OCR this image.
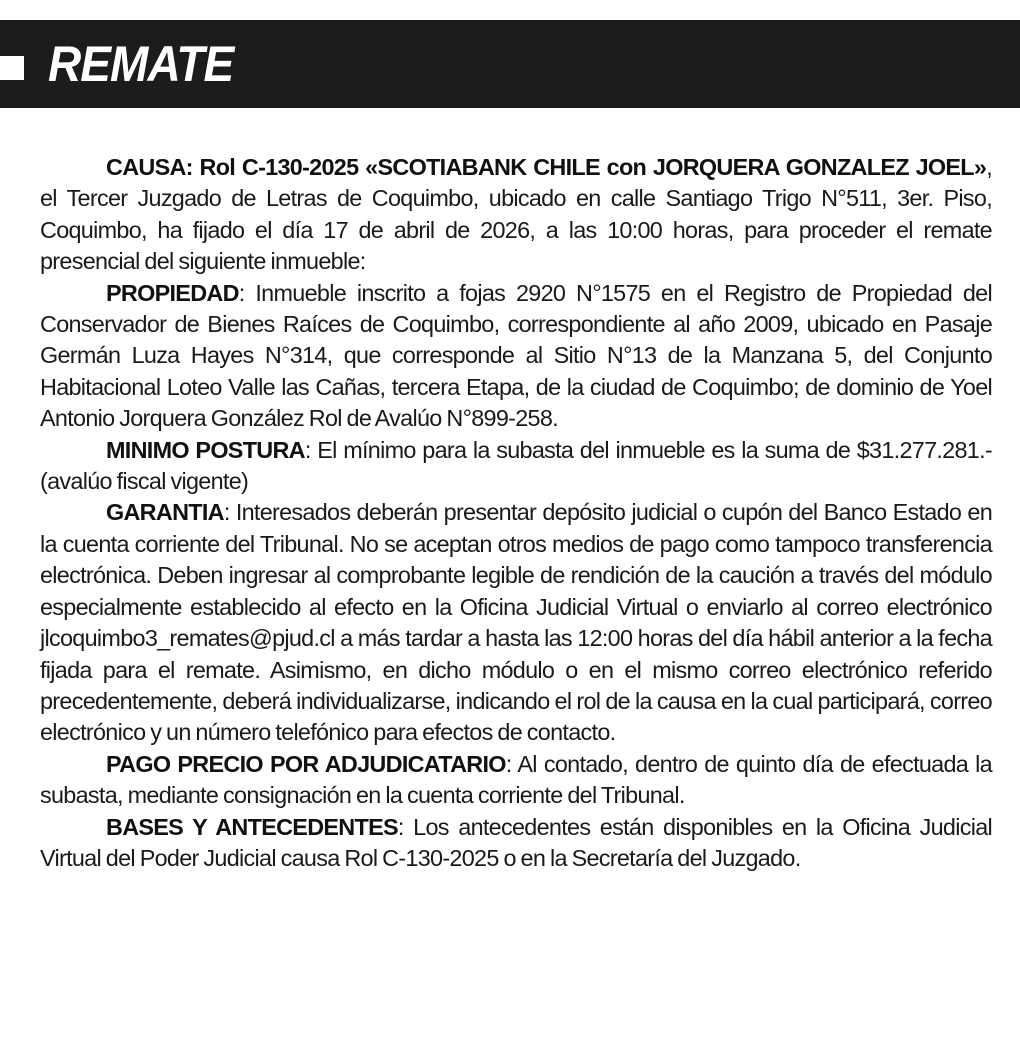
REMATE

CAUSA: Rol C-130-2025 «SCOTIABANK CHILE con JORQUERA GONZALEZ JOEL», el Tercer Juzgado de Letras de Coquimbo, ubicado en calle Santiago Trigo N°511, 3er. Piso, Coquimbo, ha fijado el día 17 de abril de 2026, a las 10:00 horas, para proceder el remate presencial del siguiente inmueble:

PROPIEDAD: Inmueble inscrito a fojas 2920 N°1575 en el Registro de Propiedad del Conservador de Bienes Raíces de Coquimbo, correspondiente al año 2009, ubicado en Pasaje Germán Luza Hayes N°314, que corresponde al Sitio N°13 de la Manzana 5, del Conjunto Habitacional Loteo Valle las Cañas, tercera Etapa, de la ciudad de Coquimbo; de dominio de Yoel Antonio Jorquera González Rol de Avalúo N°899-258.

MINIMO POSTURA: El mínimo para la subasta del inmueble es la suma de $31.277.281.- (avalúo fiscal vigente)

GARANTIA: Interesados deberán presentar depósito judicial o cupón del Banco Estado en la cuenta corriente del Tribunal. No se aceptan otros medios de pago como tampoco transferencia electrónica. Deben ingresar al comprobante legible de rendición de la caución a través del módulo especialmente establecido al efecto en la Oficina Judicial Virtual o enviarlo al correo electrónico jlcoquimbo3_remates@pjud.cl a más tardar a hasta las 12:00 horas del día hábil anterior a la fecha fijada para el remate. Asimismo, en dicho módulo o en el mismo correo electrónico referido precedentemente, deberá individualizarse, indicando el rol de la causa en la cual participará, correo electrónico y un número telefónico para efectos de contacto.

PAGO PRECIO POR ADJUDICATARIO: Al contado, dentro de quinto día de efectuada la subasta, mediante consignación en la cuenta corriente del Tribunal.

BASES Y ANTECEDENTES: Los antecedentes están disponibles en la Oficina Judicial Virtual del Poder Judicial causa Rol C-130-2025 o en la Secretaría del Juzgado.
